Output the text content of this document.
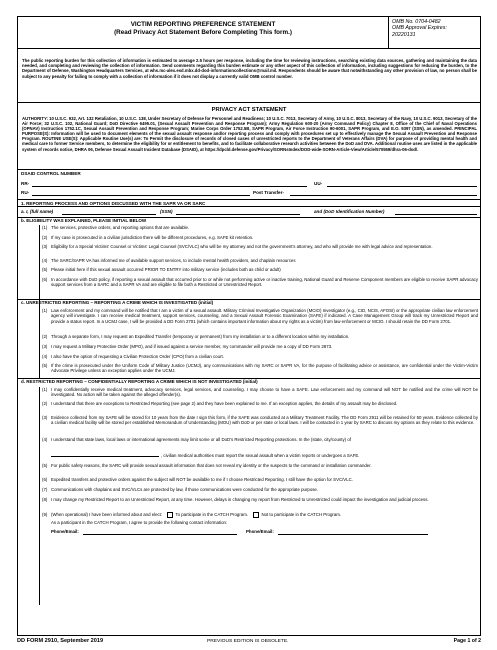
VICTIM REPORTING PREFERENCE STATEMENT
(Read Privacy Act Statement Before Completing This form.)
OMB No. 0704-0482
OMB Approval Expires:
20220131
The public reporting burden for this collection of information is estimated to average 2.5 hours per response, including the time for reviewing instructions, searching existing data sources, gathering and maintaining the data needed, and completing and reviewing the collection of information. Send comments regarding this burden estimate or any other aspect of this collection of information, including suggestions for reducing the burden, to the Department of Defense, Washington Headquarters Services, at whs.mc-alex.esd.mbx.dd-dod-informationcollections@mail.mil. Respondents should be aware that notwithstanding any other provision of law, no person shall be subject to any penalty for failing to comply with a collection of information if it does not display a currently valid OMB control number.
PRIVACY ACT STATEMENT
AUTHORITY: 10 U.S.C. 932, Art. 132 Retaliation, 10 U.S.C. 138, Under Secretary of Defense for Personnel and Readiness; 10 U.S.C. 7013, Secretary of Army, 10 U.S.C. 8013, Secretary of the Navy, 10 U.S.C. 9013, Secretary of the Air Force; 32 U.S.C. 102, National Guard; DoD Directive 6495.01, (Sexual Assault Prevention and Response Program); Army Regulation 600-20 (Army Command Policy) Chapter 8, Office of the Chief of Naval Operations (OPNAV) Instruction 1752.1C, Sexual Assault Prevention and Response Program; Marine Corps Order 1752.5B, SAPR Program, Air Force Instruction 90-6001, SAPR Program, and E.O. 9397 (SSN), as amended. PRINCIPAL PURPOSE(S): Information will be used to document elements of the sexual assault response and/or reporting process and comply with procedures set up to effectively manage the Sexual Assault Prevention and Response Program. ROUTINE USE(S): Applicable Routine Use(s) are: To Permit the disclosure of records of closed cases of unrestricted reports to the Department of Veterans Affairs (DVA) for purpose of providing mental health and medical care to former Service members, to determine the eligibility for or entitlement to benefits, and to facilitate collaborative research activities between the DoD and DVA. Additional routine uses are listed in the applicable system of records notice, DHRA 06, Defense Sexual Assault Incident Database (DSAID), at https://dpcld.defense.gov/Privacy/SORNsIndex/DOD-wide-SORN-Article-View/Article/570559/dhra-06-dod/.
DSAID CONTROL NUMBER
RR-	UU-
RU-	Post Transfer-
1. REPORTING PROCESS AND OPTIONS DISCUSSED WITH THE SAPR VA OR SARC
a. I, (full name)	(SSN)	and (DoD Identification Number)
b. ELIGIBILITY WAS EXPLAINED, PLEASE INITIAL BELOW
(1) The services, protective orders, and reporting options that are available.
(2) If my case is prosecuted in a civilian jurisdiction there will be different procedures, e.g. SAFE kit retention.
(3) Eligibility for a Special Victims' Counsel or Victims' Legal Counsel (SVC/VLC) who will be my attorney and not the government's attorney, and who will provide me with legal advice and representation.
(4) The SARC/SAPR VA has informed me of available support services, to include mental health providers, and chaplain resources
(5) Please initial here if this sexual assault occurred PRIOR TO ENTRY into military service (includes both as child or adult)
(6) In accordance with DoD policy, if reporting a sexual assault that occurred prior to or while not performing active or inactive training, National Guard and Reserve Component members are eligible to receive SAPR advocacy support services from a SARC and a SAPR VA and are eligible to file both a Restricted or Unrestricted Report.
c. UNRESTRICTED REPORTING – REPORTING A CRIME WHICH IS INVESTIGATED (initial)
(1) Law enforcement and my command will be notified that I am a victim of a sexual assault. Military Criminal Investigative Organization (MCIO) Investigator (e.g., CID, NCIS, AFOSI) or the appropriate civilian law enforcement agency will investigate. I can receive medical treatment, support services, counseling, and a Sexual Assault Forensic Examination (SAFE) if indicated. A Case Management Group will track my Unrestricted Report and provide a status report. In a UCMJ case, I will be provided a DD Form 2701 (which contains important information about my rights as a victim) from law enforcement or MCIO. I should retain the DD Form 2701.
(2) Through a separate form, I may request an Expedited Transfer (temporary or permanent) from my installation or to a different location within my installation.
(3) I may request a Military Protective Order (MPO), and if issued against a service member, my commander will provide me a copy of DD Form 2873.
(4) I also have the option of requesting a Civilian Protection Order (CPO) from a civilian court.
(5) If the crime is prosecuted under the Uniform Code of Military Justice (UCMJ), any communications with my SARC or SAPR VA, for the purpose of facilitating advice or assistance, are confidential under the Victim-Victim Advocate Privilege unless an exception applies under the UCMJ.
d. RESTRICTED REPORTING – CONFIDENTIALLY REPORTING A CRIME WHICH IS NOT INVESTIGATED (initial)
(1) I may confidentially receive medical treatment, advocacy services, legal services, and counseling. I may choose to have a SAFE. Law enforcement and my command will NOT be notified and the crime will NOT be investigated. No action will be taken against the alleged offender(s).
(2) I understand that there are exceptions to Restricted Reporting (see page 2) and they have been explained to me. If an exception applies, the details of my assault may be disclosed.
(3) Evidence collected from my SAFE will be stored for 10 years from the date I sign this form, if the SAFE was conducted at a Military Treatment Facility. The DD Form 2911 will be retained for 50 years. Evidence collected by a civilian medical facility will be stored per established Memorandum of Understanding (MOU) with DoD or per state or local laws. I will be contacted in 1 year by SARC to discuss my options as they relate to this evidence.
(4) I understand that state laws, local laws or international agreements may limit some or all DoD's Restricted Reporting protections. In the (state, city/county) of
, civilian medical authorities must report the sexual assault when a victim reports or undergoes a SAFE.
(5) For public safety reasons, the SARC will provide sexual assault information that does not reveal my identity or the suspects to the command or installation commander.
(6) Expedited transfers and protective orders against the subject will NOT be available to me if I choose Restricted Reporting. I still have the option for SVC/VLC.
(7) Communications with chaplains and SVC/VLCs are protected by law, if those communications were conducted for the appropriate purpose.
(8) I may change my Restricted Report to an Unrestricted Report, at any time. However, delays in changing my report from Restricted to Unrestricted could impact the investigation and judicial process.
(9) (When operational) I have been informed about and elect:	To participate in the CATCH Program.	Not to participate in the CATCH Program.
As a participant in the CATCH Program, I agree to provide the following contact information:
Phone/Email:	Phone/Email:
DD FORM 2910, September 2019	PREVIOUS EDITION IS OBSOLETE.	Page 1 of 2
